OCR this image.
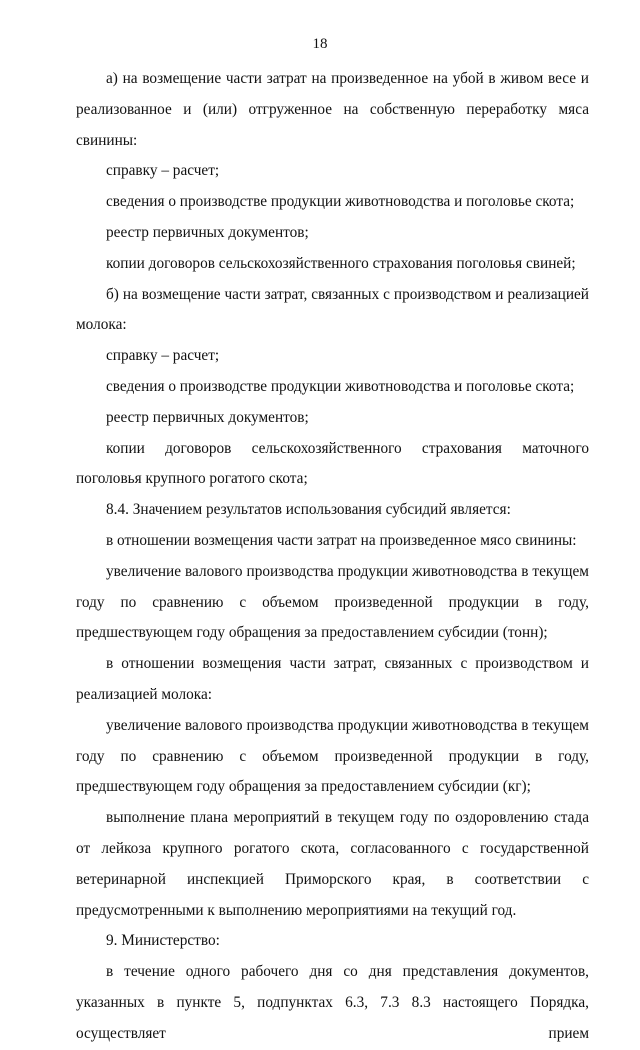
18

а) на возмещение части затрат на произведенное на убой в живом весе и реализованное и (или) отгруженное на собственную переработку мяса свинины:

справку – расчет;

сведения о производстве продукции животноводства и поголовье скота;

реестр первичных документов;

копии договоров сельскохозяйственного страхования поголовья свиней;

б) на возмещение части затрат, связанных с производством и реализацией молока:

справку – расчет;

сведения о производстве продукции животноводства и поголовье скота;

реестр первичных документов;

копии договоров сельскохозяйственного страхования маточного поголовья крупного рогатого скота;

8.4. Значением результатов использования субсидий является:

в отношении возмещения части затрат на произведенное мясо свинины:

увеличение валового производства продукции животноводства в текущем году по сравнению с объемом произведенной продукции в году, предшествующем году обращения за предоставлением субсидии (тонн);

в отношении возмещения части затрат, связанных с производством и реализацией молока:

увеличение валового производства продукции животноводства в текущем году по сравнению с объемом произведенной продукции в году, предшествующем году обращения за предоставлением субсидии (кг);

выполнение плана мероприятий в текущем году по оздоровлению стада от лейкоза крупного рогатого скота, согласованного с государственной ветеринарной инспекцией Приморского края, в соответствии с предусмотренными к выполнению мероприятиями на текущий год.

9. Министерство:

в течение одного рабочего дня со дня представления документов, указанных в пункте 5, подпунктах 6.3, 7.3 8.3 настоящего Порядка, осуществляет прием
